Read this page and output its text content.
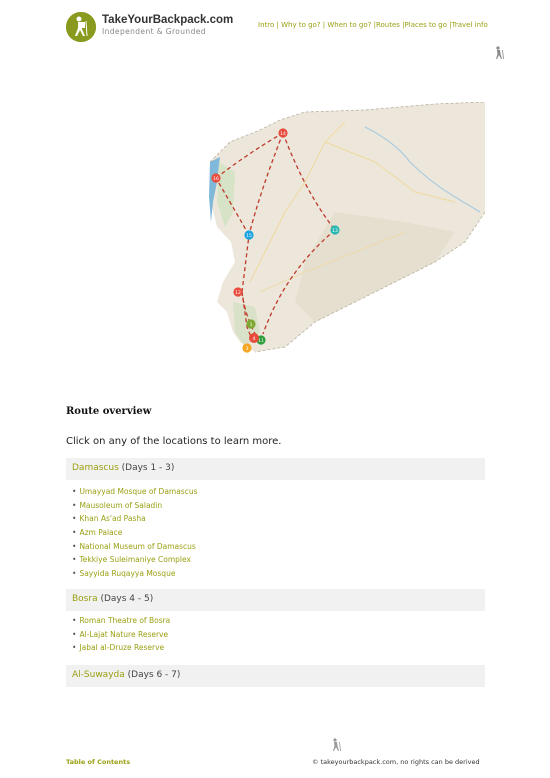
TakeYourBackpack.com
Independent & Grounded
Intro | Why to go? | When to go? |Routes |Places to go |Travel info
1
11
3
4
12
15
16
14
13
Route overview
Click on any of the locations to learn more.
Damascus (Days 1 - 3)
• Umayyad Mosque of Damascus
• Mausoleum of Saladin
• Khan As'ad Pasha
• Azm Palace
• National Museum of Damascus
• Tekkiye Suleimaniye Complex
• Sayyida Ruqayya Mosque
Bosra (Days 4 - 5)
• Roman Theatre of Bosra
• Al-Lajat Nature Reserve
• Jabal al-Druze Reserve
Al-Suwayda (Days 6 - 7)
Table of Contents	© takeyourbackpack.com, no rights can be derived
